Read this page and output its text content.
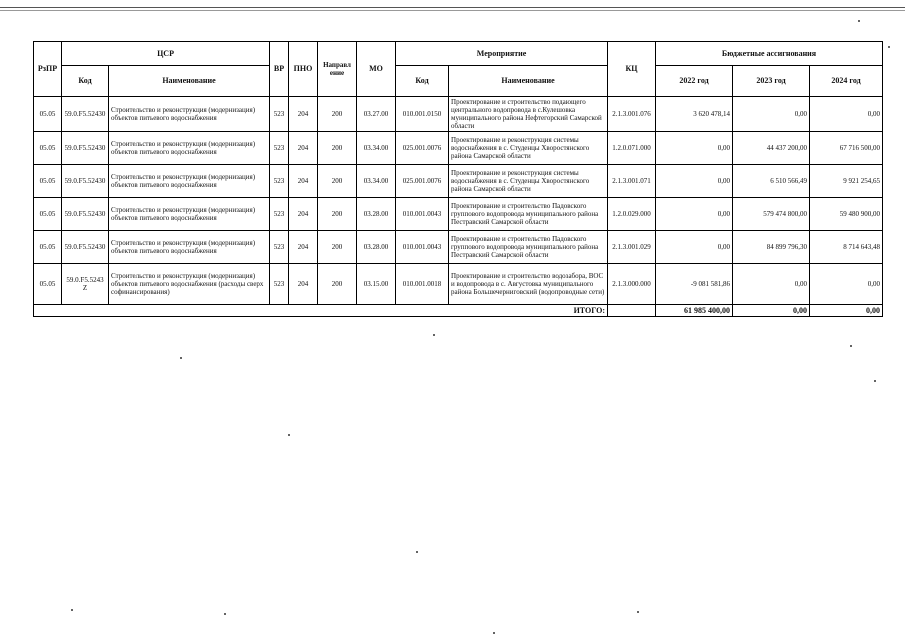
РзПР	ЦСР		ВР	ПНО	Направл ение	МО	Мероприятие		КЦ	Бюджетные ассигнования		
	Код	Наименование					Код	Наименование		2022 год	2023 год	2024 год
05.05	59.0.F5.52430	Строительство и реконструкция (модернизация) объектов питьевого водоснабжения	523	204	200	03.27.00	010.001.0150	Проектирование и строительство подающего центрального водопровода в с.Кулешовка муниципального района Нефтегорский Самарской области	2.1.3.001.076	3 620 478,14	0,00	0,00
05.05	59.0.F5.52430	Строительство и реконструкция (модернизация) объектов питьевого водоснабжения	523	204	200	03.34.00	025.001.0076	Проектирование и реконструкция системы водоснабжения в с. Студенцы Хворостянского района Самарской области	1.2.0.071.000	0,00	44 437 200,00	67 716 500,00
05.05	59.0.F5.52430	Строительство и реконструкция (модернизация) объектов питьевого водоснабжения	523	204	200	03.34.00	025.001.0076	Проектирование и реконструкция системы водоснабжения в с. Студенцы Хворостянского района Самарской области	2.1.3.001.071	0,00	6 510 566,49	9 921 254,65
05.05	59.0.F5.52430	Строительство и реконструкция (модернизация) объектов питьевого водоснабжения	523	204	200	03.28.00	010.001.0043	Проектирование и строительство Падовского группового водопровода муниципального района Пестравский Самарской области	1.2.0.029.000	0,00	579 474 800,00	59 480 900,00
05.05	59.0.F5.52430	Строительство и реконструкция (модернизация) объектов питьевого водоснабжения	523	204	200	03.28.00	010.001.0043	Проектирование и строительство Падовского группового водопровода муниципального района Пестравский Самарской области	2.1.3.001.029	0,00	84 899 796,30	8 714 643,48
05.05	59.0.F5.5243 Z	Строительство и реконструкция (модернизация) объектов питьевого водоснабжения (расходы сверх софинансирования)	523	204	200	03.15.00	010.001.0018	Проектирование и строительство водозабора, ВОС и водопровода в с. Августовка муниципального района Большечерниговский (водопроводные сети)	2.1.3.000.000	-9 081 581,86	0,00	0,00
ИТОГО:										61 985 400,00	0,00	0,00
